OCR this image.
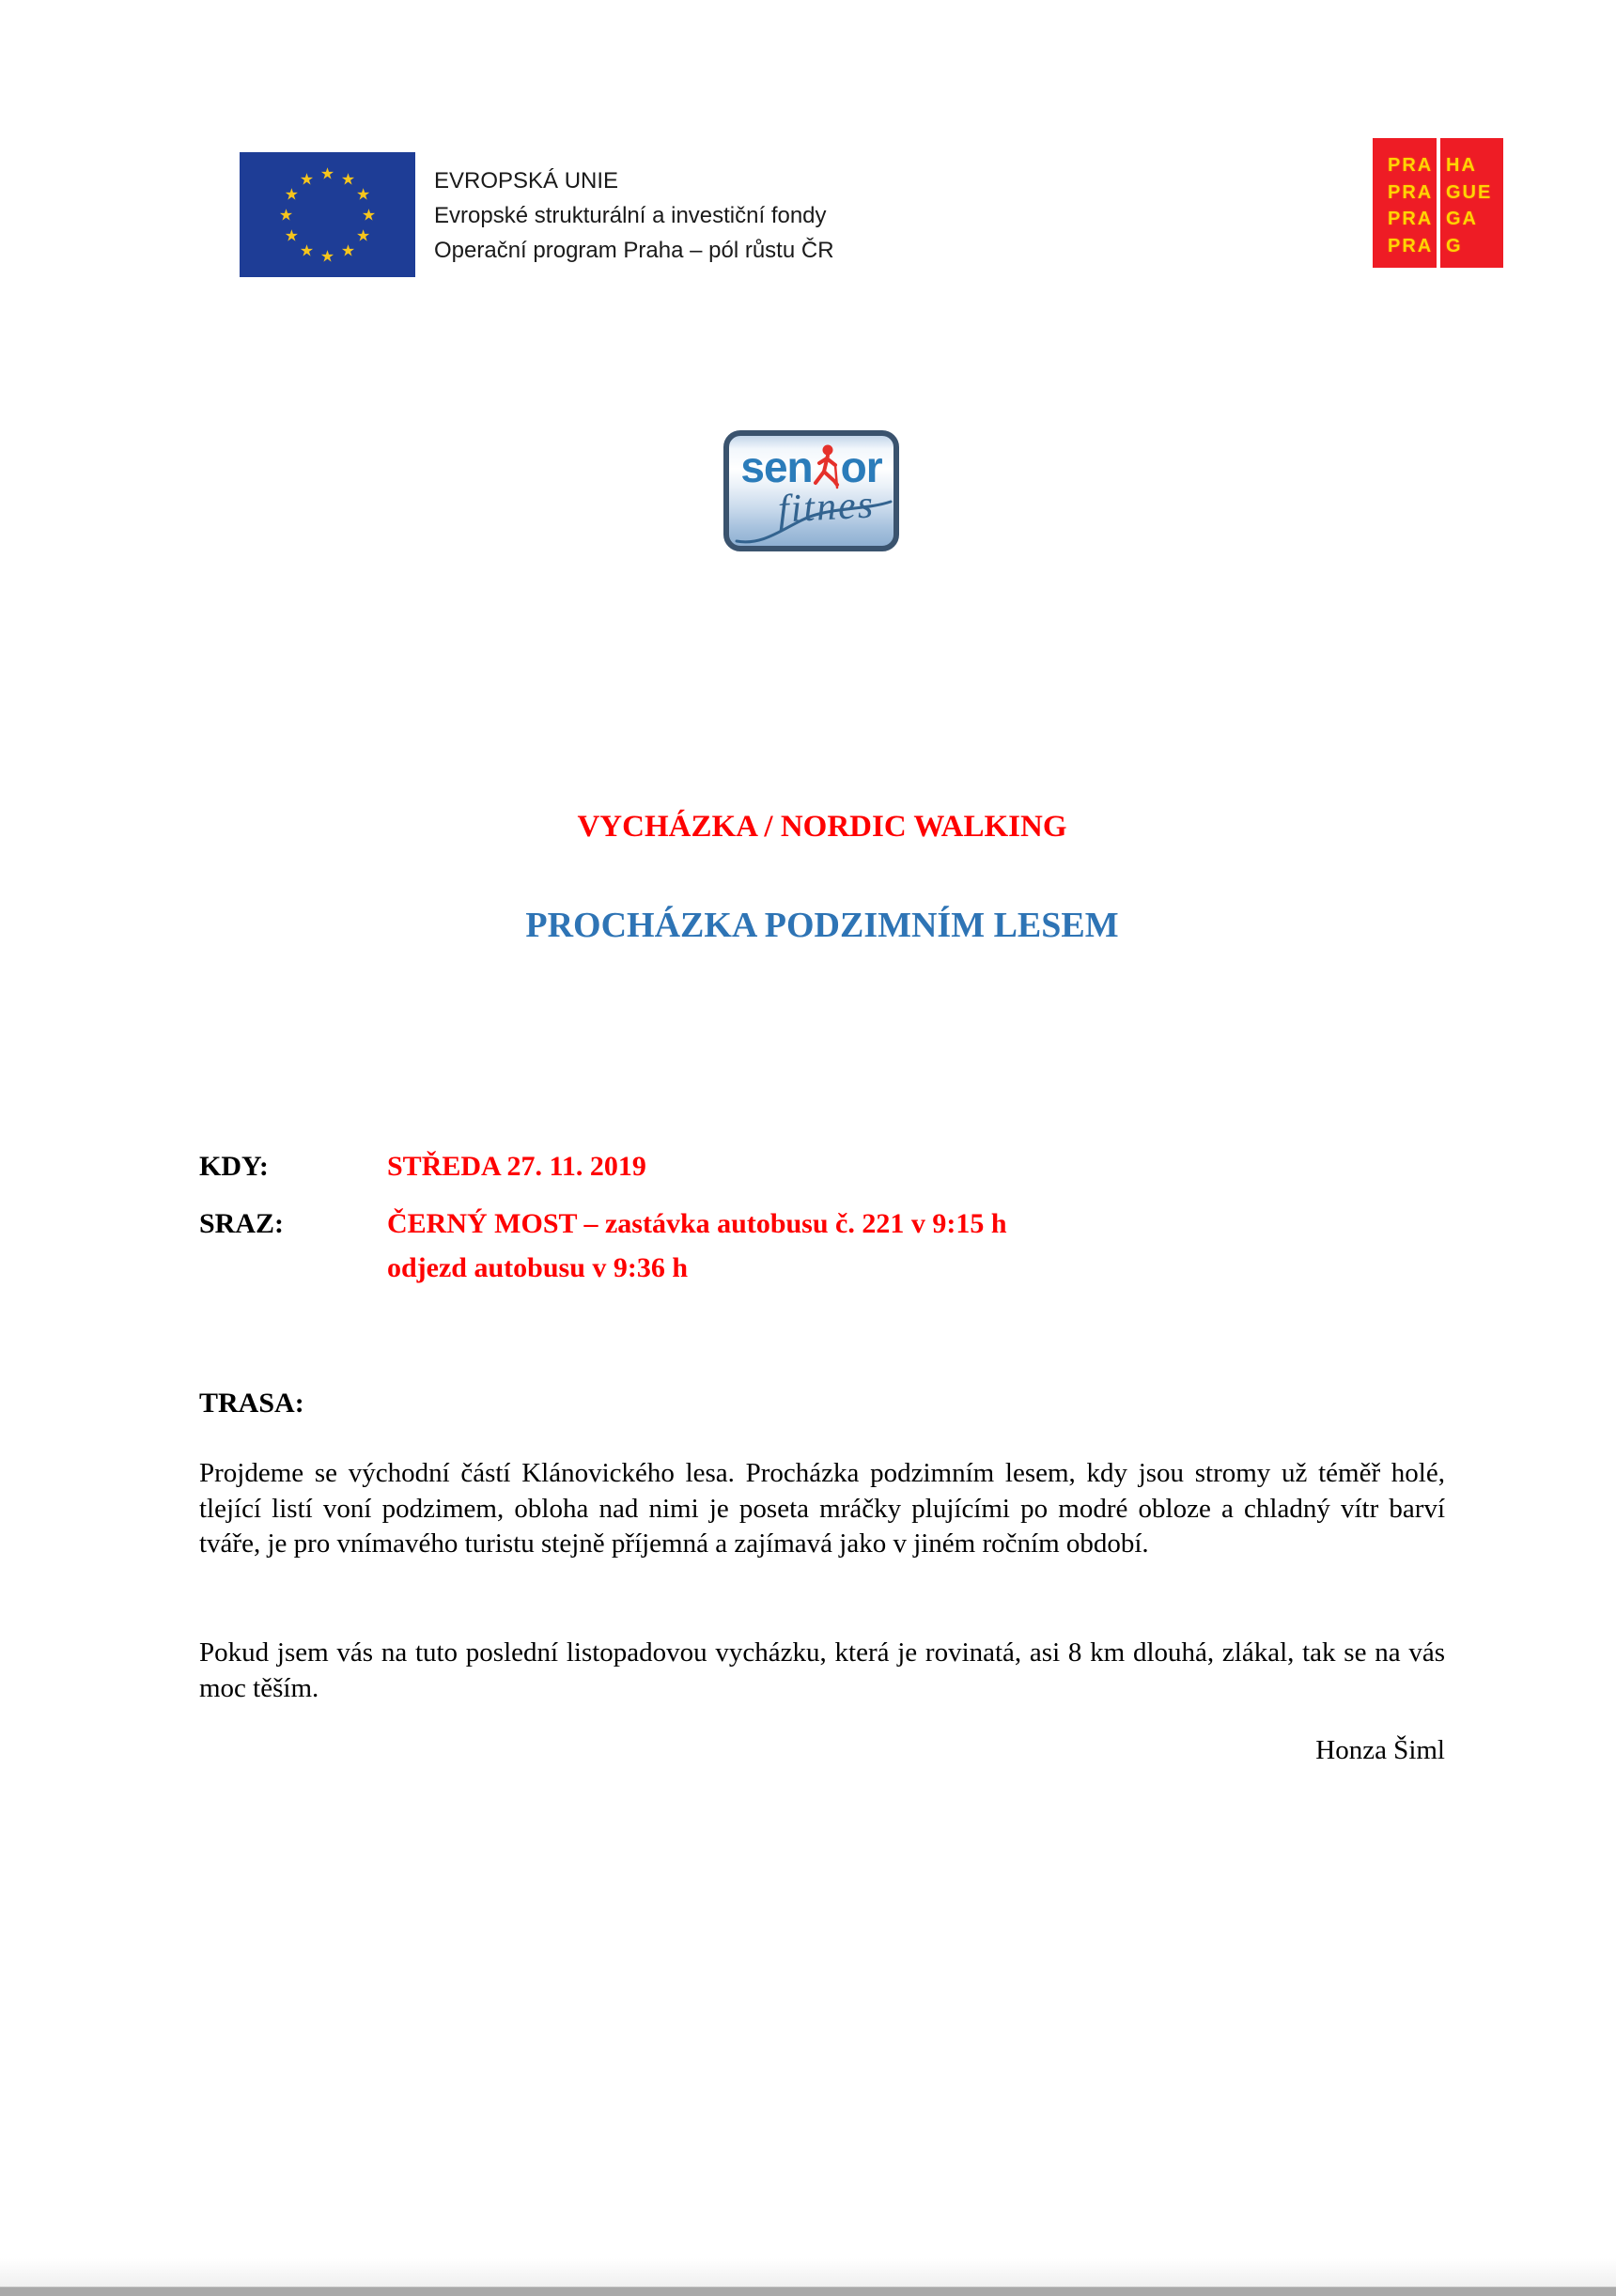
★ ★
★
★
★
★
★
★
★
★
★
★	EVROPSKÁ UNIE
Evropské strukturální a investiční fondy
Operační program Praha – pól růstu ČR
PRA
PRA
PRA
PRA
HA
GUE
GA
G
sen or
fitnes
VYCHÁZKA / NORDIC WALKING
PROCHÁZKA PODZIMNÍM LESEM
KDY:	STŘEDA 27. 11. 2019
SRAZ:	ČERNÝ MOST – zastávka autobusu č. 221 v 9:15 h
odjezd autobusu v 9:36 h
TRASA:
Projdeme se východní částí Klánovického lesa. Procházka podzimním lesem, kdy jsou stromy už téměř holé, tlející listí voní podzimem, obloha nad nimi je poseta mráčky plujícími po modré obloze a chladný vítr barví tváře, je pro vnímavého turistu stejně příjemná a zajímavá jako v jiném ročním období.
Pokud jsem vás na tuto poslední listopadovou vycházku, která je rovinatá, asi 8 km dlouhá, zlákal, tak se na vás moc těším.
Honza Šiml
